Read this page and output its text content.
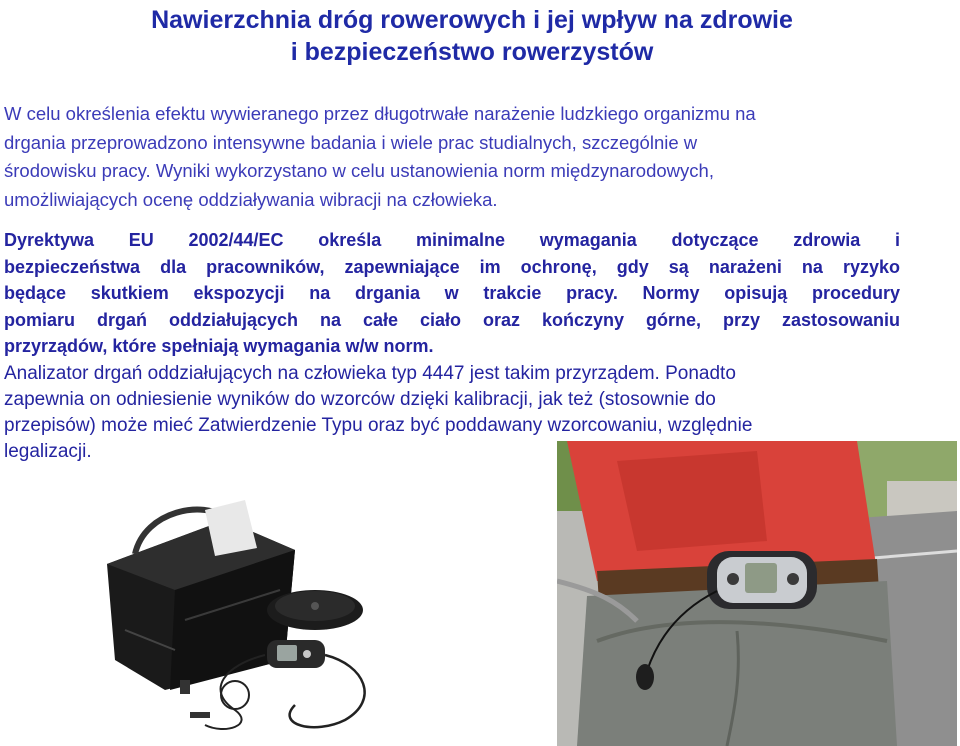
Nawierzchnia dróg rowerowych i jej wpływ na zdrowie
i bezpieczeństwo rowerzystów
W celu określenia efektu wywieranego przez długotrwałe narażenie ludzkiego organizmu na
drgania przeprowadzono intensywne badania i wiele prac studialnych, szczególnie w
środowisku pracy. Wyniki wykorzystano w celu ustanowienia norm międzynarodowych,
umożliwiających ocenę oddziaływania wibracji na człowieka.
Dyrektywa EU 2002/44/EC określa minimalne wymagania dotyczące zdrowia i
bezpieczeństwa dla pracowników, zapewniające im ochronę, gdy są narażeni na ryzyko
będące skutkiem ekspozycji na drgania w trakcie pracy. Normy opisują procedury
pomiaru drgań oddziałujących na całe ciało oraz kończyny górne, przy zastosowaniu
przyrządów, które spełniają wymagania w/w norm.
Analizator drgań oddziałujących na człowieka typ 4447 jest takim przyrządem. Ponadto
zapewnia on odniesienie wyników do wzorców dzięki kalibracji, jak też (stosownie do
przepisów) może mieć Zatwierdzenie Typu oraz być poddawany wzorcowaniu, względnie
legalizacji.
